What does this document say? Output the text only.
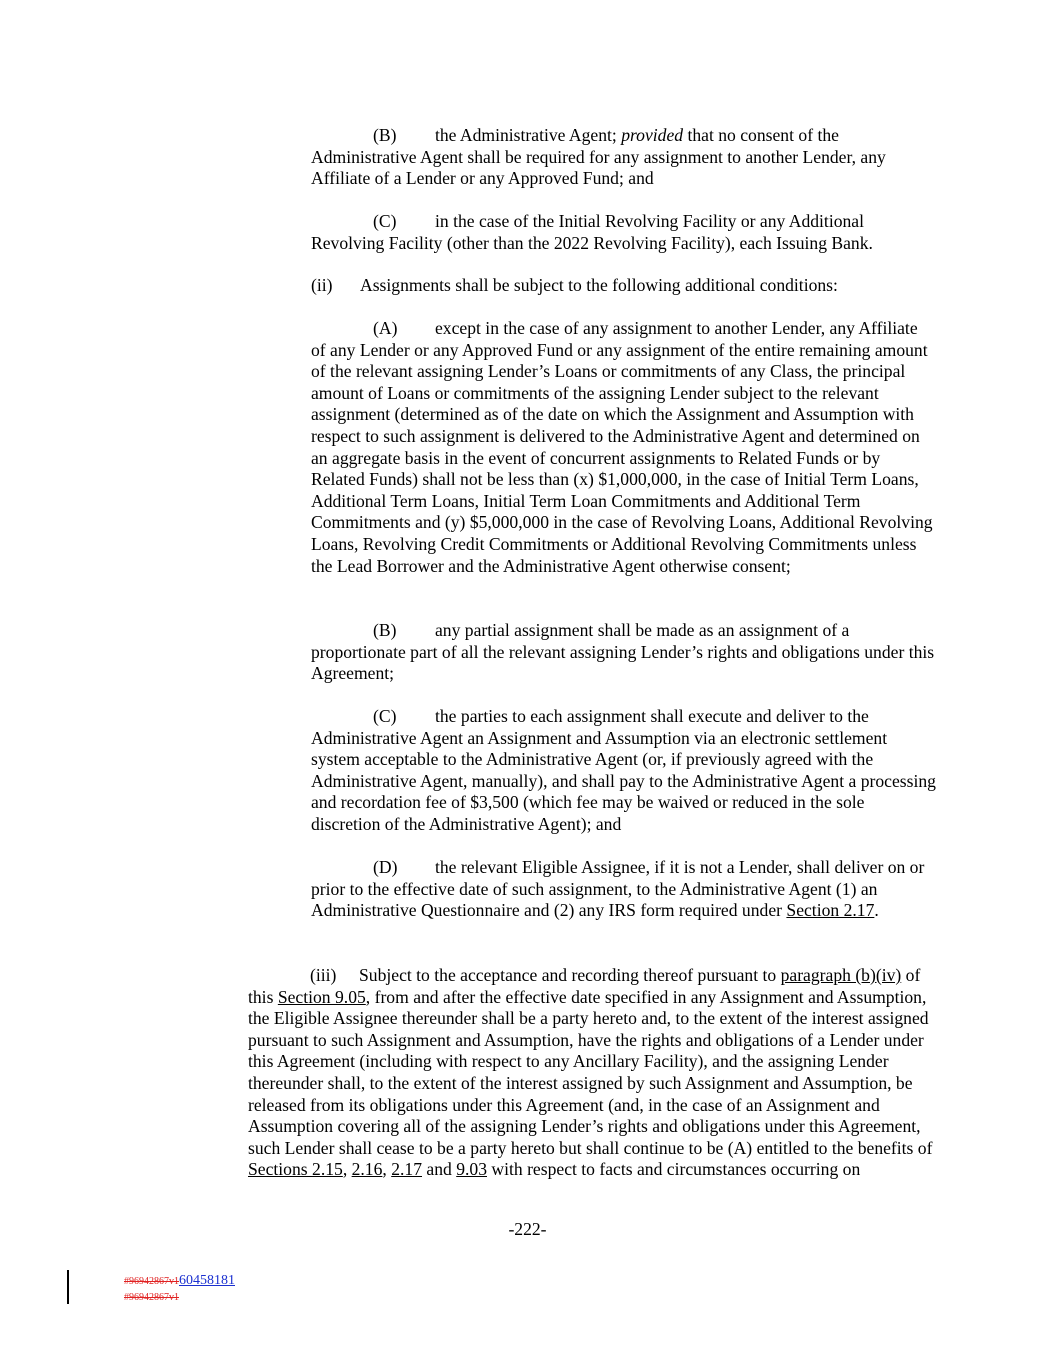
(B) the Administrative Agent; provided that no consent of the Administrative Agent shall be required for any assignment to another Lender, any Affiliate of a Lender or any Approved Fund; and
(C) in the case of the Initial Revolving Facility or any Additional Revolving Facility (other than the 2022 Revolving Facility), each Issuing Bank.
(ii) Assignments shall be subject to the following additional conditions:
(A) except in the case of any assignment to another Lender, any Affiliate of any Lender or any Approved Fund or any assignment of the entire remaining amount of the relevant assigning Lender’s Loans or commitments of any Class, the principal amount of Loans or commitments of the assigning Lender subject to the relevant assignment (determined as of the date on which the Assignment and Assumption with respect to such assignment is delivered to the Administrative Agent and determined on an aggregate basis in the event of concurrent assignments to Related Funds or by Related Funds) shall not be less than (x) $1,000,000, in the case of Initial Term Loans, Additional Term Loans, Initial Term Loan Commitments and Additional Term Commitments and (y) $5,000,000 in the case of Revolving Loans, Additional Revolving Loans, Revolving Credit Commitments or Additional Revolving Commitments unless the Lead Borrower and the Administrative Agent otherwise consent;
(B) any partial assignment shall be made as an assignment of a proportionate part of all the relevant assigning Lender’s rights and obligations under this Agreement;
(C) the parties to each assignment shall execute and deliver to the Administrative Agent an Assignment and Assumption via an electronic settlement system acceptable to the Administrative Agent (or, if previously agreed with the Administrative Agent, manually), and shall pay to the Administrative Agent a processing and recordation fee of $3,500 (which fee may be waived or reduced in the sole discretion of the Administrative Agent); and
(D) the relevant Eligible Assignee, if it is not a Lender, shall deliver on or prior to the effective date of such assignment, to the Administrative Agent (1) an Administrative Questionnaire and (2) any IRS form required under Section 2.17.
(iii) Subject to the acceptance and recording thereof pursuant to paragraph (b)(iv) of this Section 9.05, from and after the effective date specified in any Assignment and Assumption, the Eligible Assignee thereunder shall be a party hereto and, to the extent of the interest assigned pursuant to such Assignment and Assumption, have the rights and obligations of a Lender under this Agreement (including with respect to any Ancillary Facility), and the assigning Lender thereunder shall, to the extent of the interest assigned by such Assignment and Assumption, be released from its obligations under this Agreement (and, in the case of an Assignment and Assumption covering all of the assigning Lender’s rights and obligations under this Agreement, such Lender shall cease to be a party hereto but shall continue to be (A) entitled to the benefits of Sections 2.15, 2.16, 2.17 and 9.03 with respect to facts and circumstances occurring on
-222-
#96942867v160458181
#96942867v1
